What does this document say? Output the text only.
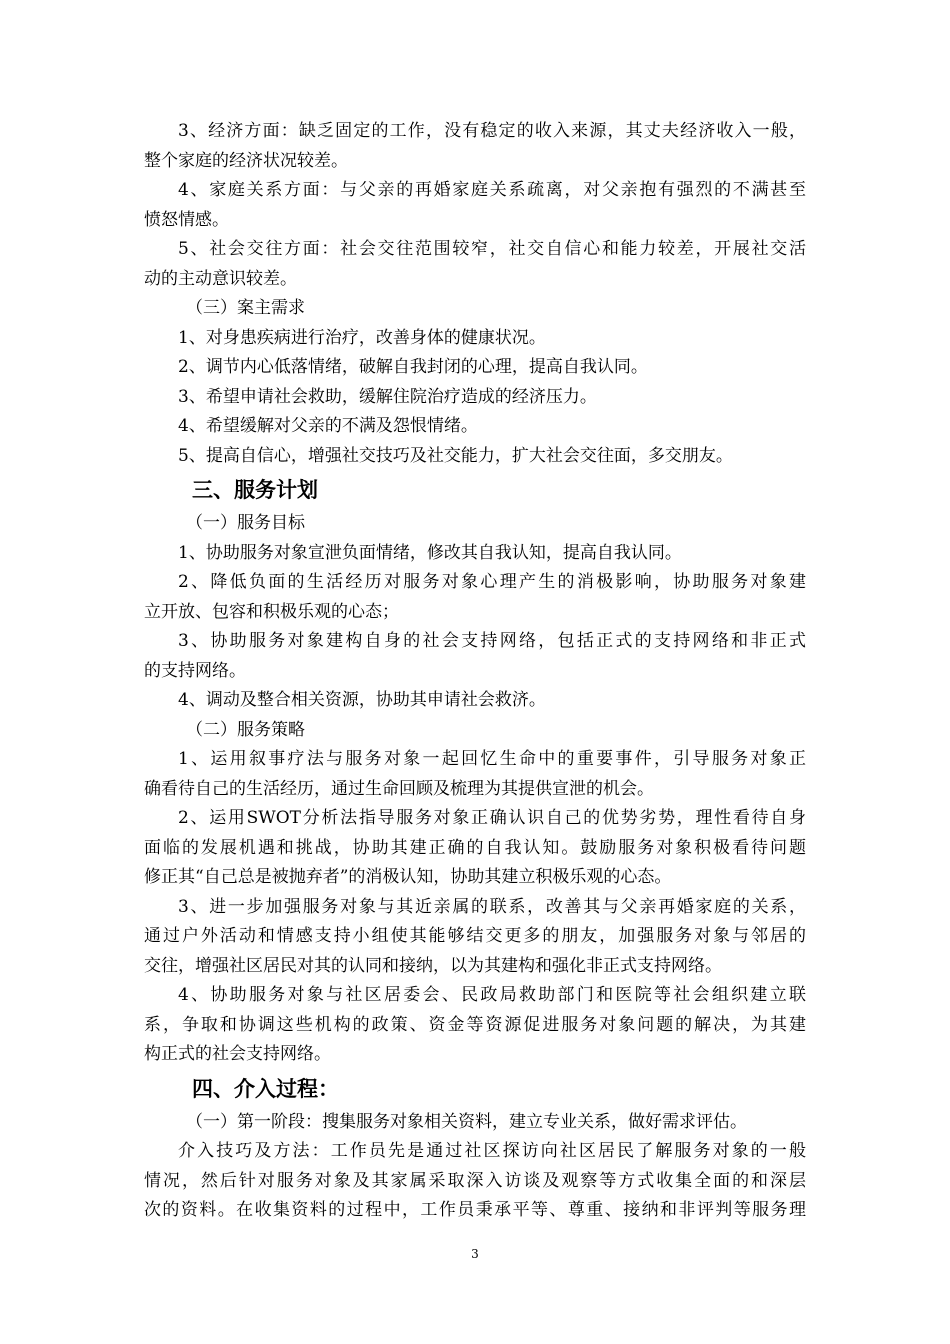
3、经济方面：缺乏固定的工作，没有稳定的收入来源，其丈夫经济收入一般，
整个家庭的经济状况较差。
4、家庭关系方面：与父亲的再婚家庭关系疏离，对父亲抱有强烈的不满甚至
愤怒情感。
5、社会交往方面：社会交往范围较窄，社交自信心和能力较差，开展社交活
动的主动意识较差。
（三）案主需求
1、对身患疾病进行治疗，改善身体的健康状况。
2、调节内心低落情绪，破解自我封闭的心理，提高自我认同。
3、希望申请社会救助，缓解住院治疗造成的经济压力。
4、希望缓解对父亲的不满及怨恨情绪。
5、提高自信心，增强社交技巧及社交能力，扩大社会交往面，多交朋友。
三、服务计划
（一）服务目标
1、协助服务对象宣泄负面情绪，修改其自我认知，提高自我认同。
2、降低负面的生活经历对服务对象心理产生的消极影响，协助服务对象建
立开放、包容和积极乐观的心态；
3、协助服务对象建构自身的社会支持网络，包括正式的支持网络和非正式
的支持网络。
4、调动及整合相关资源，协助其申请社会救济。
（二）服务策略
1、运用叙事疗法与服务对象一起回忆生命中的重要事件，引导服务对象正
确看待自己的生活经历，通过生命回顾及梳理为其提供宣泄的机会。
2、运用SWOT分析法指导服务对象正确认识自己的优势劣势，理性看待自身
面临的发展机遇和挑战，协助其建正确的自我认知。鼓励服务对象积极看待问题
修正其“自己总是被抛弃者”的消极认知，协助其建立积极乐观的心态。
3、进一步加强服务对象与其近亲属的联系，改善其与父亲再婚家庭的关系，
通过户外活动和情感支持小组使其能够结交更多的朋友，加强服务对象与邻居的
交往，增强社区居民对其的认同和接纳，以为其建构和强化非正式支持网络。
4、协助服务对象与社区居委会、民政局救助部门和医院等社会组织建立联
系，争取和协调这些机构的政策、资金等资源促进服务对象问题的解决，为其建
构正式的社会支持网络。
四、介入过程：
（一）第一阶段：搜集服务对象相关资料，建立专业关系，做好需求评估。
介入技巧及方法：工作员先是通过社区探访向社区居民了解服务对象的一般
情况，然后针对服务对象及其家属采取深入访谈及观察等方式收集全面的和深层
次的资料。在收集资料的过程中，工作员秉承平等、尊重、接纳和非评判等服务理
3
